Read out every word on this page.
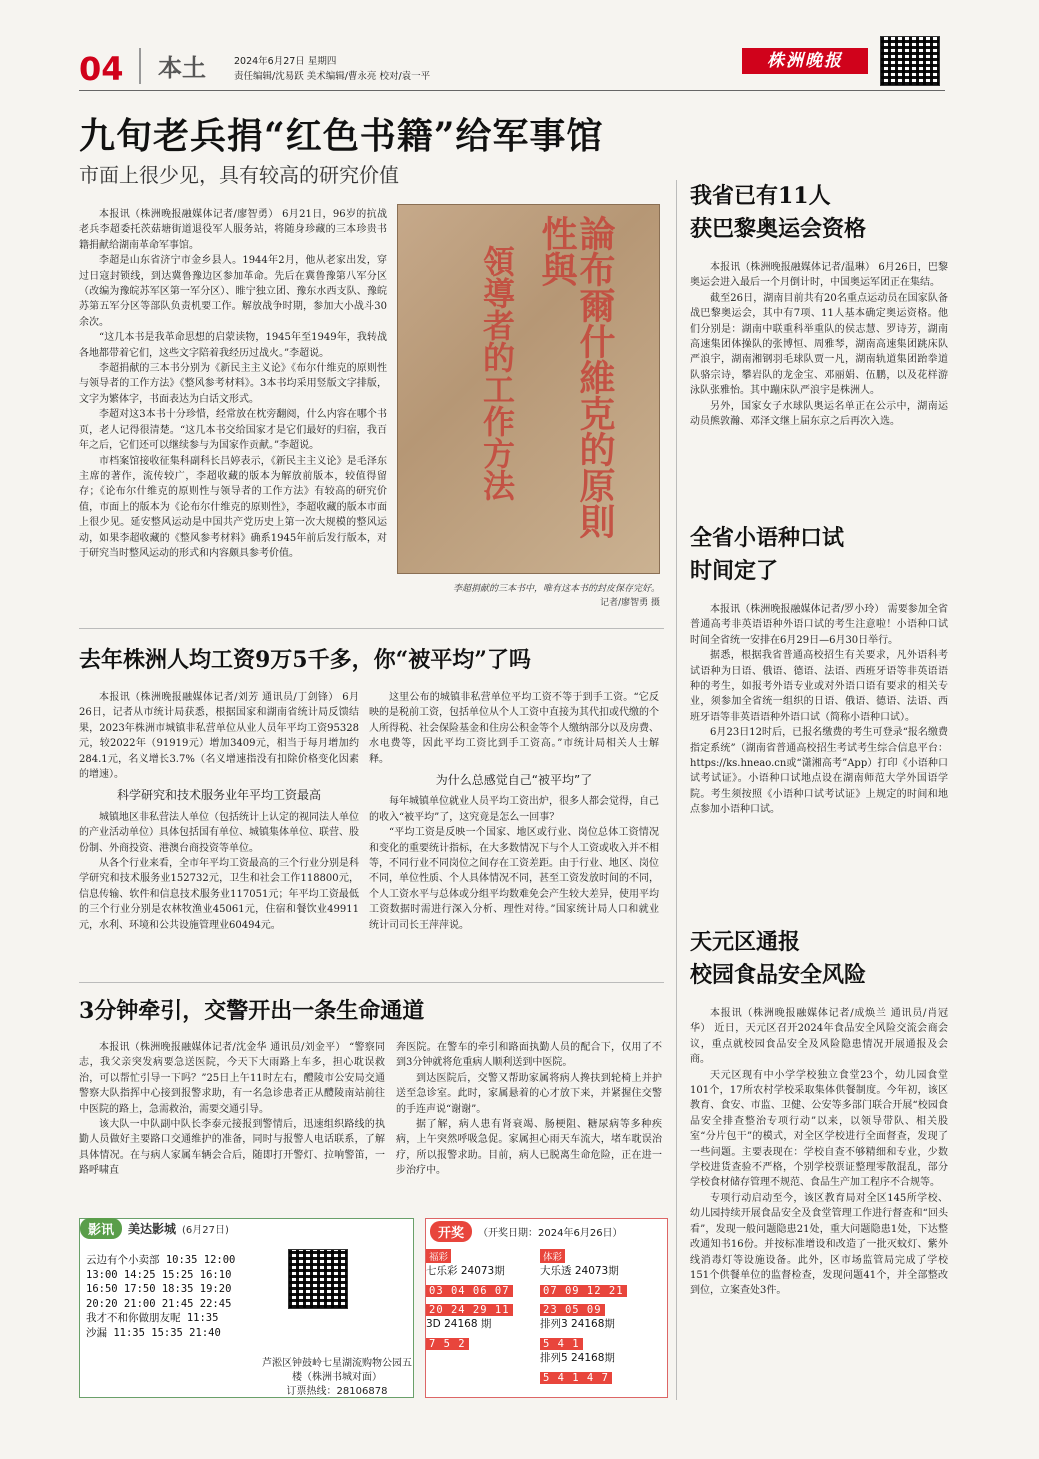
04 本土	2024年6月27日 星期四
责任编辑/沈易跃 美术编辑/曹永亮 校对/袁一平
株洲晚报
九旬老兵捐“红色书籍”给军事馆
市面上很少见，具有较高的研究价值

本报讯（株洲晚报融媒体记者/廖智勇） 6月21日，96岁的抗战老兵李超委托茨菇塘街道退役军人服务站，将随身珍藏的三本珍贵书籍捐献给湖南革命军事馆。

李超是山东省济宁市金乡县人。1944年2月，他从老家出发，穿过日寇封锁线，到达冀鲁豫边区参加革命。先后在冀鲁豫第八军分区（改编为豫皖苏军区第一军分区）、睢宁独立团、豫东水西支队、豫皖苏第五军分区等部队负责机要工作。解放战争时期，参加大小战斗30余次。

“这几本书是我革命思想的启蒙读物，1945年至1949年，我转战各地都带着它们，这些文字陪着我经历过战火。”李超说。

李超捐献的三本书分别为《新民主主义论》《布尔什维克的原则性与领导者的工作方法》《整风参考材料》。3本书均采用竖版文字排版，文字为繁体字，书面表达为白话文形式。

李超对这3本书十分珍惜，经常放在枕旁翻阅，什么内容在哪个书页，老人记得很清楚。“这几本书交给国家才是它们最好的归宿，我百年之后，它们还可以继续参与为国家作贡献。”李超说。

市档案馆接收征集科副科长吕婷表示，《新民主主义论》是毛泽东主席的著作，流传较广，李超收藏的版本为解放前版本，较值得留存；《论布尔什维克的原则性与领导者的工作方法》有较高的研究价值，市面上的版本为《论布尔什维克的原则性》，李超收藏的版本市面上很少见。延安整风运动是中国共产党历史上第一次大规模的整风运动，如果李超收藏的《整风参考材料》确系1945年前后发行版本，对于研究当时整风运动的形式和内容颇具参考价值。

論布爾什維克的原則性與
領導者的工作方法
李超捐献的三本书中，唯有这本书的封皮保存完好。
记者/廖智勇 摄
去年株洲人均工资9万5千多，你“被平均”了吗

本报讯（株洲晚报融媒体记者/刘芳 通讯员/丁剑锋） 6月26日，记者从市统计局获悉，根据国家和湖南省统计局反馈结果，2023年株洲市城镇非私营单位从业人员年平均工资95328元，较2022年（91919元）增加3409元，相当于每月增加约284.1元，名义增长3.7%（名义增速指没有扣除价格变化因素的增速）。

科学研究和技术服务业年平均工资最高

城镇地区非私营法人单位（包括统计上认定的视同法人单位的产业活动单位）具体包括国有单位、城镇集体单位、联营、股份制、外商投资、港澳台商投资等单位。

从各个行业来看，全市年平均工资最高的三个行业分别是科学研究和技术服务业152732元，卫生和社会工作118800元，信息传输、软件和信息技术服务业117051元；年平均工资最低的三个行业分别是农林牧渔业45061元，住宿和餐饮业49911元，水利、环境和公共设施管理业60494元。

这里公布的城镇非私营单位平均工资不等于到手工资。“它反映的是税前工资，包括单位从个人工资中直接为其代扣或代缴的个人所得税、社会保险基金和住房公积金等个人缴纳部分以及房费、水电费等，因此平均工资比到手工资高。”市统计局相关人士解释。

为什么总感觉自己“被平均”了

每年城镇单位就业人员平均工资出炉，很多人都会觉得，自己的收入“被平均”了，这究竟是怎么一回事？

“平均工资是反映一个国家、地区或行业、岗位总体工资情况和变化的重要统计指标，在大多数情况下与个人工资或收入并不相等，不同行业不同岗位之间存在工资差距。由于行业、地区、岗位不同，单位性质、个人具体情况不同，甚至工资发放时间的不同，个人工资水平与总体或分组平均数难免会产生较大差异，使用平均工资数据时需进行深入分析、理性对待。”国家统计局人口和就业统计司司长王萍萍说。

3分钟牵引，交警开出一条生命通道

本报讯（株洲晚报融媒体记者/沈金华 通讯员/刘金平） “警察同志，我父亲突发病要急送医院，今天下大雨路上车多，担心耽误救治，可以帮忙引导一下吗？”25日上午11时左右，醴陵市公安局交通警察大队指挥中心接到报警求助，有一名急诊患者正从醴陵南站前往中医院的路上，急需救治，需要交通引导。

该大队一中队副中队长李泰元接报到警情后，迅速组织路线的执勤人员做好主要路口交通维护的准备，同时与报警人电话联系，了解具体情况。在与病人家属车辆会合后，随即打开警灯、拉响警笛，一路呼啸直

奔医院。在警车的牵引和路面执勤人员的配合下，仅用了不到3分钟就将危重病人顺利送到中医院。

到达医院后，交警又帮助家属将病人搀扶到轮椅上并护送至急诊室。此时，家属悬着的心才放下来，并紧握住交警的手连声说“谢谢”。

据了解，病人患有肾衰竭、肠梗阻、糖尿病等多种疾病，上午突然呼吸急促。家属担心雨天车流大，堵车耽误治疗，所以报警求助。目前，病人已脱离生命危险，正在进一步治疗中。

影讯	美达影城 (6月27日)
云边有个小卖部 10:35 12:00
13:00 14:25 15:25 16:10
16:50 17:50 18:35 19:20
20:20 21:00 21:45 22:45
我才不和你做朋友呢 11:35
沙漏 11:35 15:35 21:40
芦淞区钟鼓岭七星湖流购物公园五楼（株洲书城对面）
订票热线：28106878
开奖	（开奖日期：2024年6月26日）
福彩
七乐彩 24073期
03 04 06 07 20 24 29 11
3D 24168 期
7 5 2
体彩
大乐透 24073期
07 09 12 21 23 05 09
排列3 24168期
5 4 1
排列5 24168期
5 4 1 4 7
我省已有11人
获巴黎奥运会资格

本报讯（株洲晚报融媒体记者/温琳） 6月26日，巴黎奥运会进入最后一个月倒计时，中国奥运军团正在集结。

截至26日，湖南目前共有20名重点运动员在国家队备战巴黎奥运会，其中有7项、11人基本确定奥运资格。他们分别是：湖南中联重科举重队的侯志慧、罗诗芳，湖南高速集团体操队的张博恒、周雅琴，湖南高速集团跳床队严浪宇，湖南湘钢羽毛球队贾一凡，湖南轨道集团跆拳道队骆宗诗，攀岩队的龙金宝、邓丽娟、伍鹏，以及花样游泳队张雅怡。其中蹦床队严浪宇是株洲人。

另外，国家女子水球队奥运名单正在公示中，湖南运动员熊敦瀚、邓泽文继上届东京之后再次入选。

全省小语种口试
时间定了

本报讯（株洲晚报融媒体记者/罗小玲） 需要参加全省普通高考非英语语种外语口试的考生注意啦！小语种口试时间全省统一安排在6月29日—6月30日举行。

据悉，根据我省普通高校招生有关要求，凡外语科考试语种为日语、俄语、德语、法语、西班牙语等非英语语种的考生，如报考外语专业或对外语口语有要求的相关专业，须参加全省统一组织的日语、俄语、德语、法语、西班牙语等非英语语种外语口试（简称小语种口试）。

6月23日12时后，已报名缴费的考生可登录“报名缴费指定系统”（湖南省普通高校招生考试考生综合信息平台：https://ks.hneao.cn或“潇湘高考”App）打印《小语种口试考试证》。小语种口试地点设在湖南师范大学外国语学院。考生须按照《小语种口试考试证》上规定的时间和地点参加小语种口试。

天元区通报
校园食品安全风险

本报讯（株洲晚报融媒体记者/成焕兰 通讯员/肖冠华） 近日，天元区召开2024年食品安全风险交流会商会议，重点就校园食品安全及风险隐患情况开展通报及会商。

天元区现有中小学学校独立食堂23个，幼儿园食堂101个，17所农村学校采取集体供餐制度。今年初，该区教育、食安、市监、卫健、公安等多部门联合开展“校园食品安全排查整治专项行动”以来，以领导带队、相关股室“分片包干”的模式，对全区学校进行全面督查，发现了一些问题。主要表现在：学校自查不够精细和专业，少数学校进货查验不严格，个别学校票证整理零散混乱，部分学校食材储存管理不规范、食品生产加工程序不合规等。

专项行动启动至今，该区教育局对全区145所学校、幼儿园持续开展食品安全及食堂管理工作进行督查和“回头看”，发现一般问题隐患21处，重大问题隐患1处，下达整改通知书16份。并按标准增设和改造了一批灭蚊灯、紫外线消毒灯等设施设备。此外，区市场监管局完成了学校151个供餐单位的监督检查，发现问题41个，并全部整改到位，立案查处3件。
